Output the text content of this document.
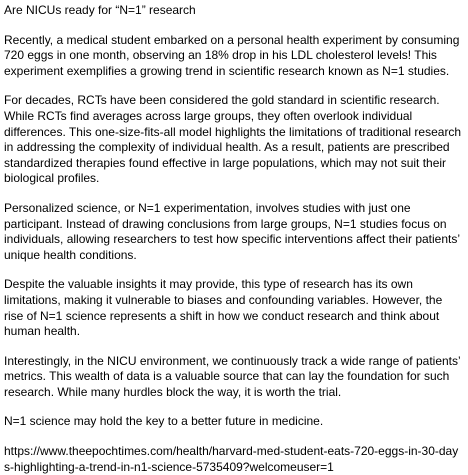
Are NICUs ready for “N=1” research

Recently, a medical student embarked on a personal health experiment by consuming 720 eggs in one month, observing an 18% drop in his LDL cholesterol levels! This experiment exemplifies a growing trend in scientific research known as N=1 studies.

For decades, RCTs have been considered the gold standard in scientific research. While RCTs find averages across large groups, they often overlook individual differences. This one-size-fits-all model highlights the limitations of traditional research in addressing the complexity of individual health. As a result, patients are prescribed standardized therapies found effective in large populations, which may not suit their biological profiles.

Personalized science, or N=1 experimentation, involves studies with just one participant. Instead of drawing conclusions from large groups, N=1 studies focus on individuals, allowing researchers to test how specific interventions affect their patients’ unique health conditions.

Despite the valuable insights it may provide, this type of research has its own limitations, making it vulnerable to biases and confounding variables. However, the rise of N=1 science represents a shift in how we conduct research and think about human health.

Interestingly, in the NICU environment, we continuously track a wide range of patients’ metrics. This wealth of data is a valuable source that can lay the foundation for such research. While many hurdles block the way, it is worth the trial.

N=1 science may hold the key to a better future in medicine.

https://www.theepochtimes.com/health/harvard-med-student-eats-720-eggs-in-30-days-highlighting-a-trend-in-n1-science-5735409?welcomeuser=1
